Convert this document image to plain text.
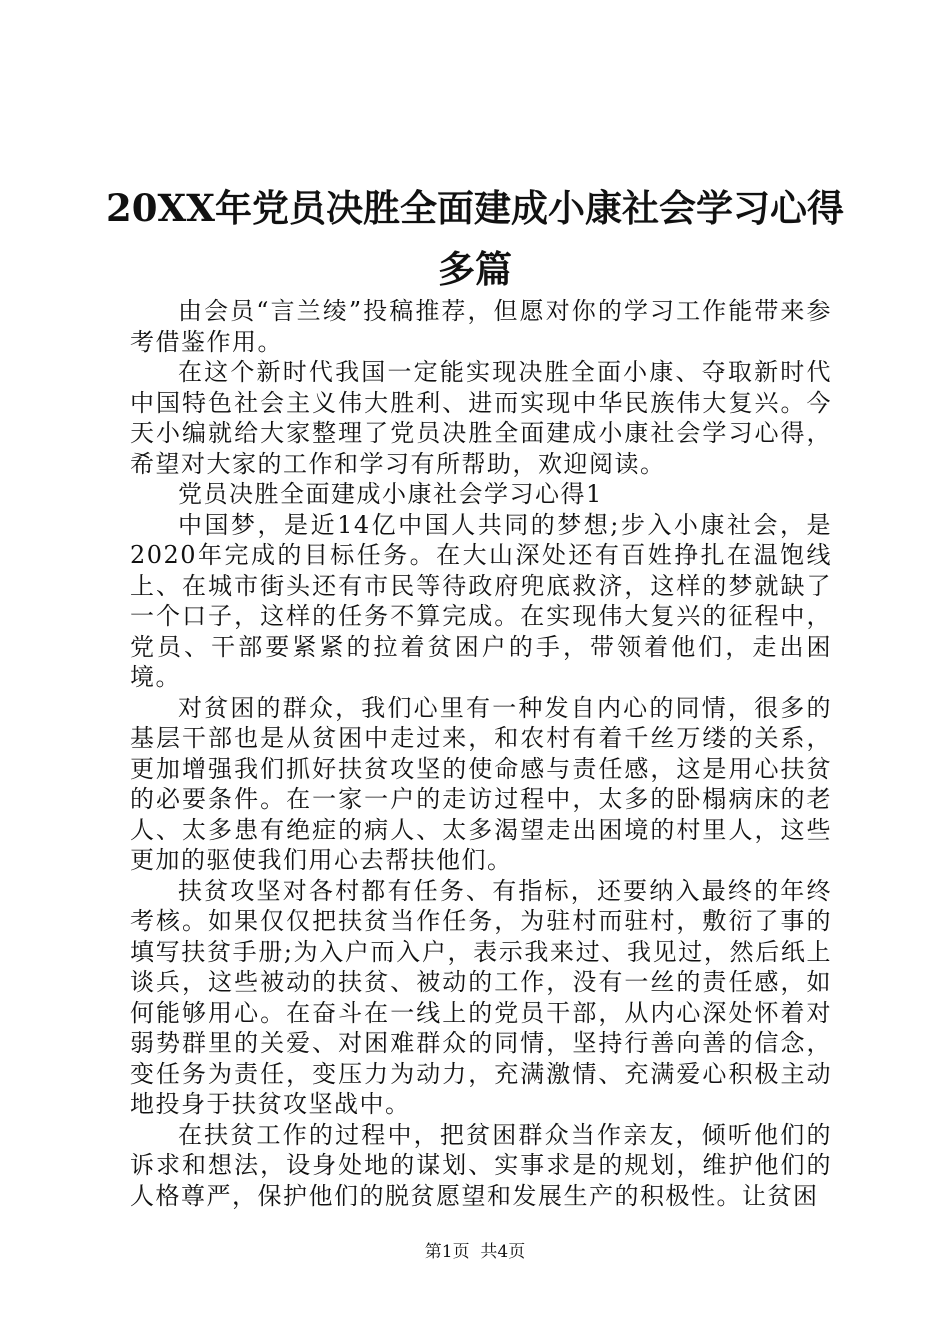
20XX年党员决胜全面建成小康社会学习心得
多篇

由会员“言兰绫”投稿推荐，但愿对你的学习工作能带来参考借鉴作用。

在这个新时代我国一定能实现决胜全面小康、夺取新时代中国特色社会主义伟大胜利、进而实现中华民族伟大复兴。今天小编就给大家整理了党员决胜全面建成小康社会学习心得，希望对大家的工作和学习有所帮助，欢迎阅读。

党员决胜全面建成小康社会学习心得1

中国梦，是近14亿中国人共同的梦想;步入小康社会，是2020年完成的目标任务。在大山深处还有百姓挣扎在温饱线上、在城市街头还有市民等待政府兜底救济，这样的梦就缺了一个口子，这样的任务不算完成。在实现伟大复兴的征程中，党员、干部要紧紧的拉着贫困户的手，带领着他们，走出困境。

对贫困的群众，我们心里有一种发自内心的同情，很多的基层干部也是从贫困中走过来，和农村有着千丝万缕的关系，更加增强我们抓好扶贫攻坚的使命感与责任感，这是用心扶贫的必要条件。在一家一户的走访过程中，太多的卧榻病床的老人、太多患有绝症的病人、太多渴望走出困境的村里人，这些更加的驱使我们用心去帮扶他们。

扶贫攻坚对各村都有任务、有指标，还要纳入最终的年终考核。如果仅仅把扶贫当作任务，为驻村而驻村，敷衍了事的填写扶贫手册;为入户而入户，表示我来过、我见过，然后纸上谈兵，这些被动的扶贫、被动的工作，没有一丝的责任感，如何能够用心。在奋斗在一线上的党员干部，从内心深处怀着对弱势群里的关爱、对困难群众的同情，坚持行善向善的信念，变任务为责任，变压力为动力，充满激情、充满爱心积极主动地投身于扶贫攻坚战中。

在扶贫工作的过程中，把贫困群众当作亲友，倾听他们的诉求和想法，设身处地的谋划、实事求是的规划，维护他们的人格尊严，保护他们的脱贫愿望和发展生产的积极性。让贫困

第1页 共4页
